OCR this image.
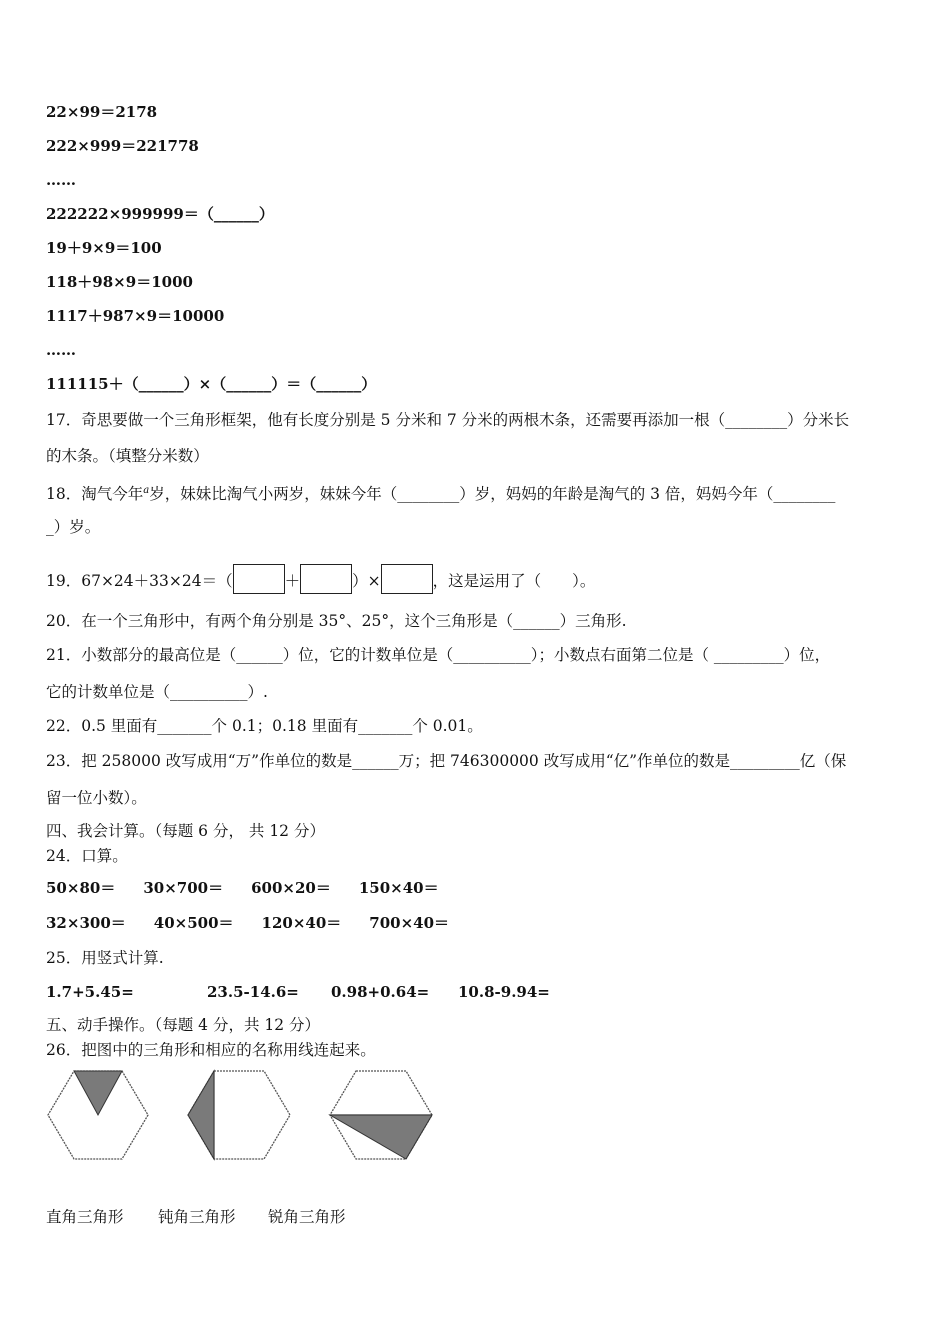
22×99＝2178
222×999＝221778
……
222222×999999＝（______）
19＋9×9＝100
118＋98×9＝1000
1117＋987×9＝10000
……
111115＋（______）×（______）＝（______）
17．奇思要做一个三角形框架，他有长度分别是 5 分米和 7 分米的两根木条，还需要再添加一根（________）分米长
的木条。（填整分米数）
18．淘气今年$^a$岁，妹妹比淘气小两岁，妹妹今年（________）岁，妈妈的年龄是淘气的 3 倍，妈妈今年（________
_）岁。
19．67×24＋33×24＝（	＋	）×	，这是运用了（　　）。
20．在一个三角形中，有两个角分别是 35°、25°，这个三角形是（______）三角形.
21．小数部分的最高位是（______）位，它的计数单位是（__________）；小数点右面第二位是（ _________）位，
它的计数单位是（__________）.
22．0.5 里面有_______个 0.1；0.18 里面有_______个 0.01。
23．把 258000 改写成用“万”作单位的数是______万；把 746300000 改写成用“亿”作单位的数是_________亿（保
留一位小数）。
四、我会计算。（每题 6 分， 共 12 分）
24．口算。
50×80＝ 30×700＝ 600×20＝ 150×40＝
32×300＝ 40×500＝ 120×40＝ 700×40＝
25．用竖式计算.
1.7+5.45=	23.5-14.6= 0.98+0.64= 10.8-9.94=
五、动手操作。（每题 4 分，共 12 分）
26．把图中的三角形和相应的名称用线连起来。
直角三角形 钝角三角形 锐角三角形
